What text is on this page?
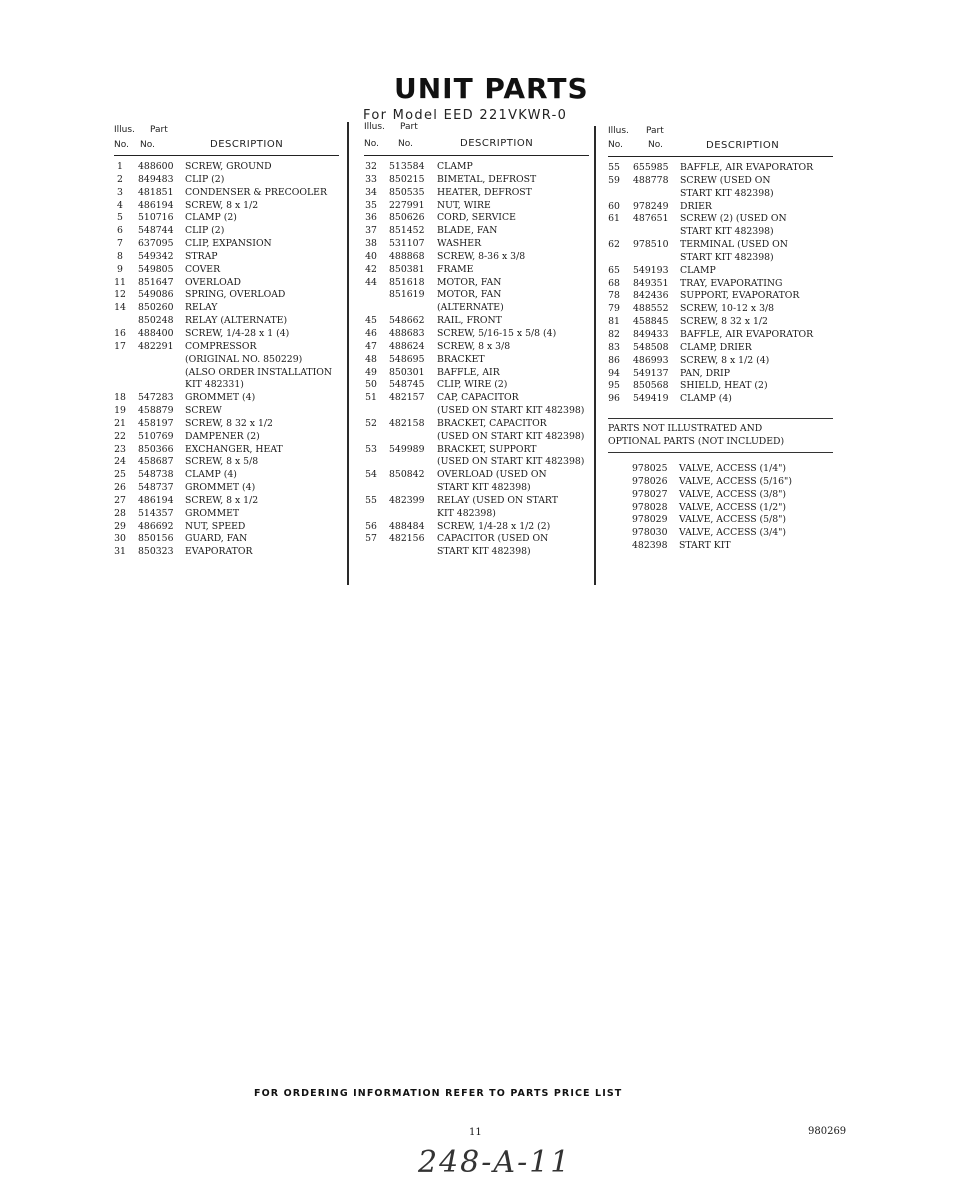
UNIT PARTS
For Model EED 221VKWR-0
Illus. Part
No. No.	DESCRIPTION
1	488600 SCREW, GROUND
2	849483 CLIP (2)
3	481851 CONDENSER & PRECOOLER
4	486194 SCREW, 8 x 1/2
5	510716 CLAMP (2)
6	548744 CLIP (2)
7	637095 CLIP, EXPANSION
8	549342 STRAP
9	549805 COVER
11 851647 OVERLOAD
12 549086 SPRING, OVERLOAD
14 850260 RELAY
850248 RELAY (ALTERNATE)
16 488400 SCREW, 1/4-28 x 1 (4)
17 482291 COMPRESSOR
(ORIGINAL NO. 850229)
(ALSO ORDER INSTALLATION
KIT 482331)
18 547283 GROMMET (4)
19 458879 SCREW
21 458197 SCREW, 8 32 x 1/2
22 510769 DAMPENER (2)
23 850366 EXCHANGER, HEAT
24 458687 SCREW, 8 x 5/8
25 548738 CLAMP (4)
26 548737 GROMMET (4)
27 486194 SCREW, 8 x 1/2
28 514357 GROMMET
29 486692 NUT, SPEED
30 850156 GUARD, FAN
31 850323 EVAPORATOR
Illus. Part
No. No.	DESCRIPTION
32 513584 CLAMP
33 850215 BIMETAL, DEFROST
34 850535 HEATER, DEFROST
35 227991 NUT, WIRE
36 850626 CORD, SERVICE
37 851452 BLADE, FAN
38 531107 WASHER
40 488868 SCREW, 8-36 x 3/8
42 850381 FRAME
44 851618 MOTOR, FAN
851619 MOTOR, FAN
(ALTERNATE)
45 548662 RAIL, FRONT
46 488683 SCREW, 5/16-15 x 5/8 (4)
47 488624 SCREW, 8 x 3/8
48 548695 BRACKET
49 850301 BAFFLE, AIR
50 548745 CLIP, WIRE (2)
51 482157 CAP, CAPACITOR
(USED ON START KIT 482398)
52 482158 BRACKET, CAPACITOR
(USED ON START KIT 482398)
53 549989 BRACKET, SUPPORT
(USED ON START KIT 482398)
54 850842 OVERLOAD (USED ON
START KIT 482398)
55 482399 RELAY (USED ON START
KIT 482398)
56 488484 SCREW, 1/4-28 x 1/2 (2)
57 482156 CAPACITOR (USED ON
START KIT 482398)
Illus. Part
No.	No.	DESCRIPTION
55 655985 BAFFLE, AIR EVAPORATOR
59 488778 SCREW (USED ON
START KIT 482398)
60 978249 DRIER
61 487651 SCREW (2) (USED ON
START KIT 482398)
62 978510 TERMINAL (USED ON
START KIT 482398)
65 549193 CLAMP
68 849351 TRAY, EVAPORATING
78 842436 SUPPORT, EVAPORATOR
79 488552 SCREW, 10-12 x 3/8
81 458845 SCREW, 8 32 x 1/2
82 849433 BAFFLE, AIR EVAPORATOR
83 548508 CLAMP, DRIER
86 486993 SCREW, 8 x 1/2 (4)
94 549137 PAN, DRIP
95 850568 SHIELD, HEAT (2)
96 549419 CLAMP (4)
PARTS NOT ILLUSTRATED AND
OPTIONAL PARTS (NOT INCLUDED)
978025 VALVE, ACCESS (1/4")
978026 VALVE, ACCESS (5/16")
978027 VALVE, ACCESS (3/8")
978028 VALVE, ACCESS (1/2")
978029 VALVE, ACCESS (5/8")
978030 VALVE, ACCESS (3/4")
482398 START KIT
FOR ORDERING INFORMATION REFER TO PARTS PRICE LIST
11	980269
248-A-11
